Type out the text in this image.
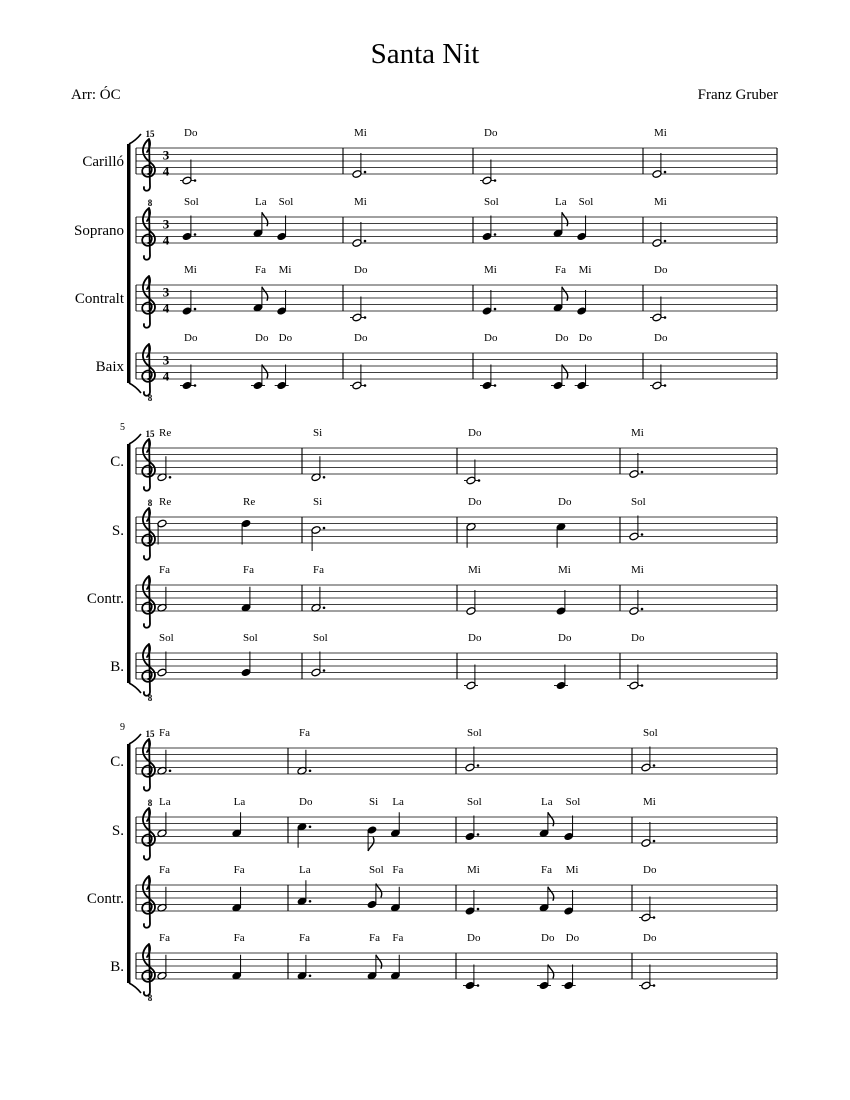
Santa Nit
Arr: ÓC	Franz Gruber
Carilló
15
3
4
Do	Mi	Do	Mi
Soprano
8
3
4
Sol	La Sol	Mi	Sol	La Sol	Mi
Contralt	3
4
Mi	Fa Mi	Do	Mi	Fa Mi	Do
Baix
8
3
4
Do	Do Do	Do	Do	Do Do	Do
5
C.
15 Re	Si	Do	Mi
S.
8 Re	Re	Si	Do	Do	Sol
Contr.
Fa	Fa	Fa	Mi	Mi	Mi
B.
8
Sol	Sol	Sol	Do	Do	Do
9
C.
15 Fa	Fa	Sol	Sol
S.
8 La	La	Do	Si La	Sol	La Sol	Mi
Contr.
Fa	Fa	La	Sol Fa	Mi	Fa Mi	Do
B.
8
Fa	Fa	Fa	Fa Fa	Do	Do Do	Do
